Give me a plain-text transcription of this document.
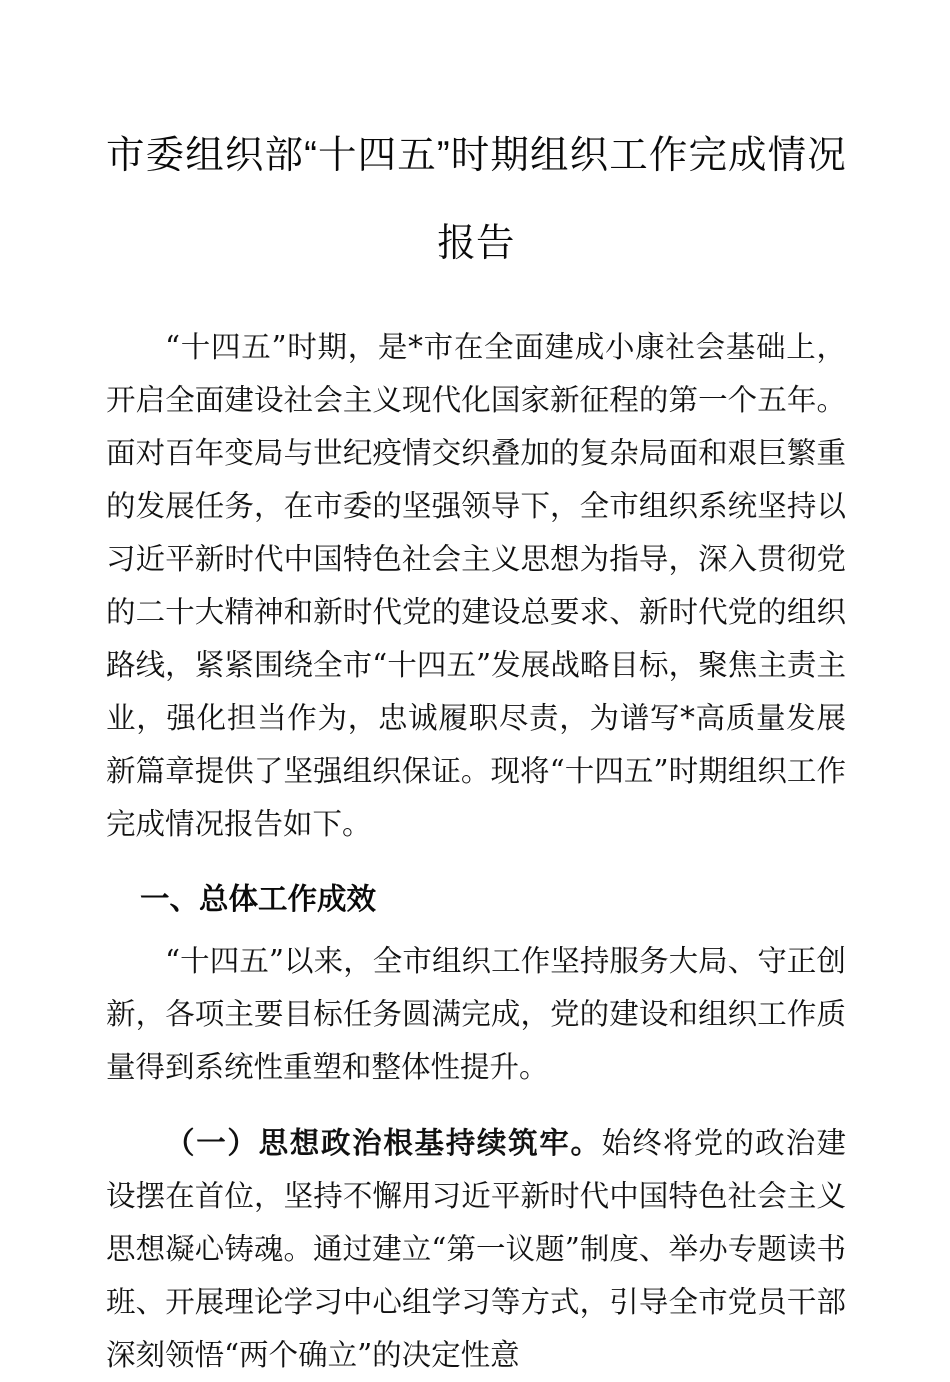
市委组织部“十四五”时期组织工作完成情况报告

“十四五”时期，是*市在全面建成小康社会基础上，开启全面建设社会主义现代化国家新征程的第一个五年。面对百年变局与世纪疫情交织叠加的复杂局面和艰巨繁重的发展任务，在市委的坚强领导下，全市组织系统坚持以习近平新时代中国特色社会主义思想为指导，深入贯彻党的二十大精神和新时代党的建设总要求、新时代党的组织路线，紧紧围绕全市“十四五”发展战略目标，聚焦主责主业，强化担当作为，忠诚履职尽责，为谱写*高质量发展新篇章提供了坚强组织保证。现将“十四五”时期组织工作完成情况报告如下。

一、总体工作成效

“十四五”以来，全市组织工作坚持服务大局、守正创新，各项主要目标任务圆满完成，党的建设和组织工作质量得到系统性重塑和整体性提升。

（一）思想政治根基持续筑牢。始终将党的政治建设摆在首位，坚持不懈用习近平新时代中国特色社会主义思想凝心铸魂。通过建立“第一议题”制度、举办专题读书班、开展理论学习中心组学习等方式，引导全市党员干部深刻领悟“两个确立”的决定性意
